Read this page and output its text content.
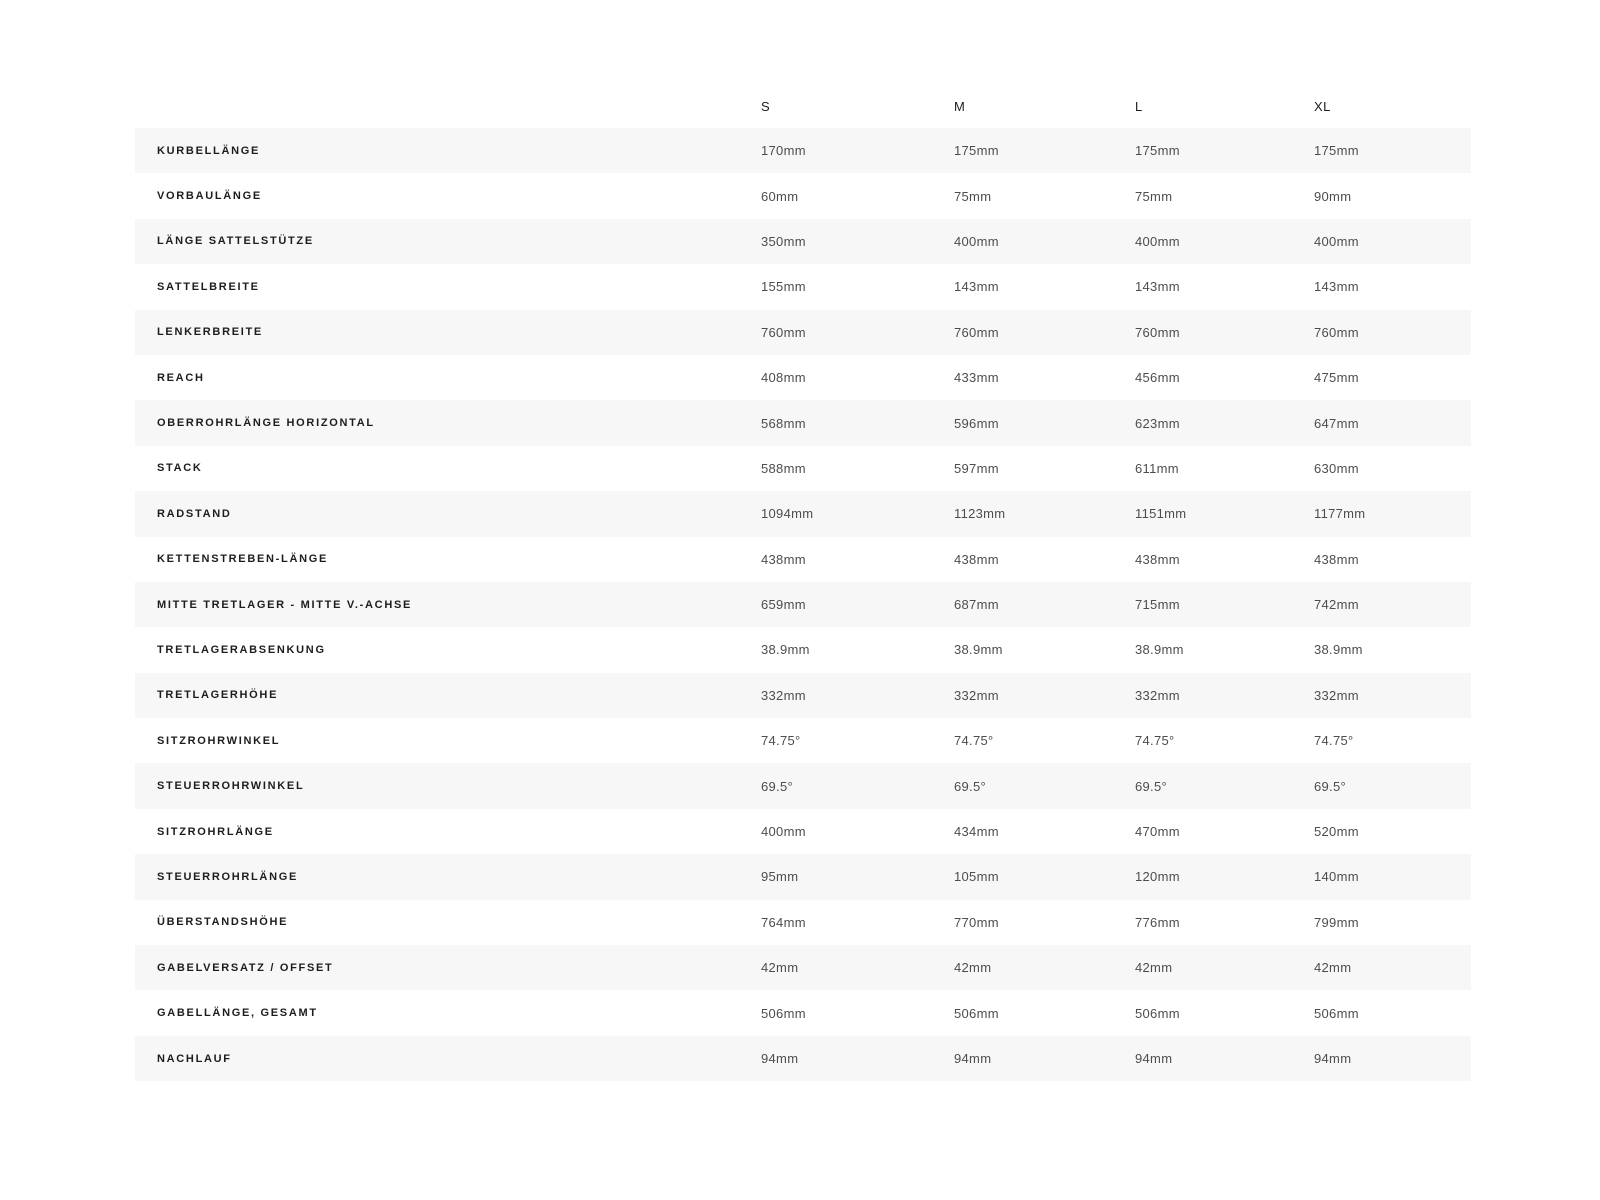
	S	M	L	XL
KURBELLÄNGE	170mm	175mm	175mm	175mm
VORBAULÄNGE	60mm	75mm	75mm	90mm
LÄNGE SATTELSTÜTZE	350mm	400mm	400mm	400mm
SATTELBREITE	155mm	143mm	143mm	143mm
LENKERBREITE	760mm	760mm	760mm	760mm
REACH	408mm	433mm	456mm	475mm
OBERROHRLÄNGE HORIZONTAL	568mm	596mm	623mm	647mm
STACK	588mm	597mm	611mm	630mm
RADSTAND	1094mm	1123mm	1151mm	1177mm
KETTENSTREBEN-LÄNGE	438mm	438mm	438mm	438mm
MITTE TRETLAGER - MITTE V.-ACHSE	659mm	687mm	715mm	742mm
TRETLAGERABSENKUNG	38.9mm	38.9mm	38.9mm	38.9mm
TRETLAGERHÖHE	332mm	332mm	332mm	332mm
SITZROHRWINKEL	74.75°	74.75°	74.75°	74.75°
STEUERROHRWINKEL	69.5°	69.5°	69.5°	69.5°
SITZROHRLÄNGE	400mm	434mm	470mm	520mm
STEUERROHRLÄNGE	95mm	105mm	120mm	140mm
ÜBERSTANDSHÖHE	764mm	770mm	776mm	799mm
GABELVERSATZ / OFFSET	42mm	42mm	42mm	42mm
GABELLÄNGE, GESAMT	506mm	506mm	506mm	506mm
NACHLAUF	94mm	94mm	94mm	94mm
